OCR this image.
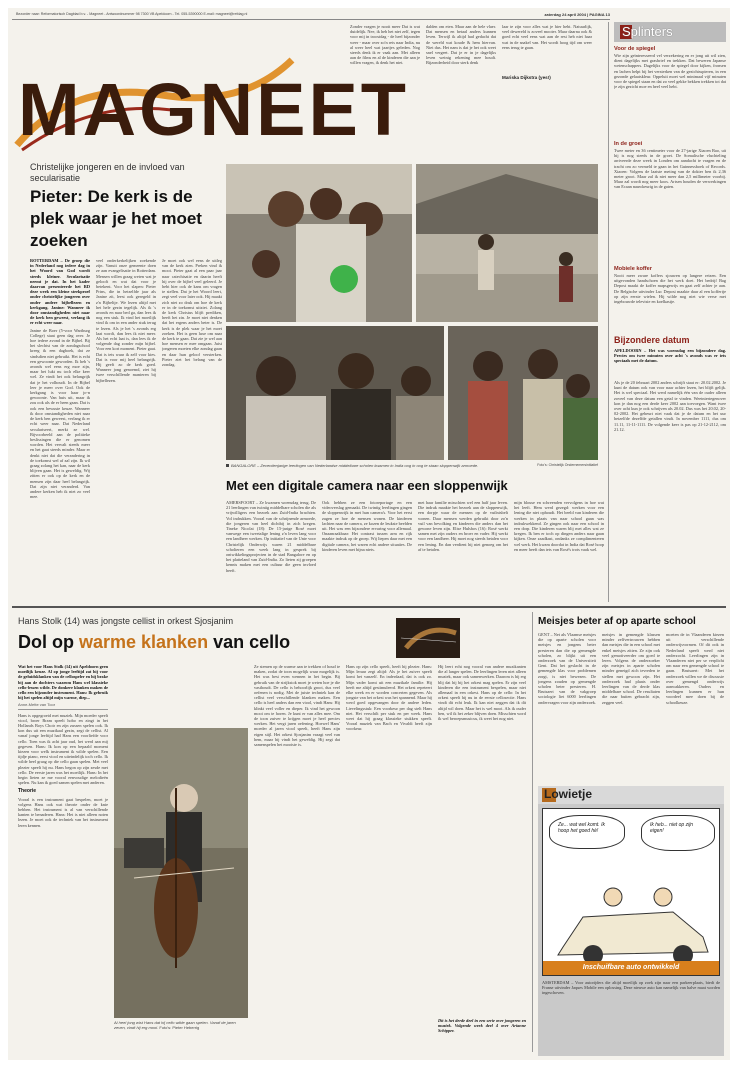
Bezorder naar: Reformatorisch Dagblad b.v. - Magneet - Antwoordnummer 98 7300 VB Apeldoorn - Tel. 055-5390000 E-mail: magneet@refdag.nl	zaterdag 24 april 2004 | PAGINA 13
MAGNEET
Zonder vragen je nooit meer Dat is wat duidelijk. Nee, ik heb het niet zelf, tegen voor mij in troostdag - de heel bijzonder weer - maar over zo'n reis naar India, nu al weer heel wat jaartjes geleden. Nog steeds denk ik er vaak aan. Met alleen aan de films en al de kinderen die aan je willen vragen, ik denk het niet.
dalden om eten. Maar aan de hele vlaer. Dat mensen en betaal anders kunnen leven. Terwijl ik altijd had gedacht dat de wereld wat koude & hem hiervan. Niet dus. Het nam is dat je het ook weet snel vergeet. Dat je er in je dagelijks leven weinig rekening mee houdt. Bijzonderheid door sterk denk
laar te zijn voor alles wat je hier hebt. Natuurlijk, veel dewereld is zoveel mooier. Maar daarna ook & goed echt veel eens wat aan de rest heb niet haar wat in de snakel van. Het wordt hoog tijd om weer eens terug te gaan.
Mariska Dijkstra (yes!)
Christelijke jongeren en de invloed van secularisatie
Pieter: De kerk is de plek waar je het moet zoeken

ROTTERDAM – De groep die in Nederland nog iedere dag in het Woord van God wordt steeds kleiner. Secularisatie neemt je dat. In het kader daarvan presenteerde het RD deze week een kleine steekproef onder christelijke jongeren over onder andere bijbellezen en kerkgang. Janine: Wanneer ik door omstandigheden niet naar de kerk ben geweest, verlang ik er echt weer naar.

Janine de Boer (5-voor Wartburg College) staat geen dag over. Je hoe iedere avond in de Bijbel. Bij het slechtst van de zondagschool kreeg ik een dagboek, dat ze sindsdien niet gebruikt. Het is echt een gewoonte geworden. Ik heb 's avonds wel eens erg moe zijn, maar het lukt nu toch elke keer wel. Ze vindt het ook belangrijk dat je het volhoudt. In de Bijbel leer je meer over God. Ook de kerkgang is voor haar jo-n gewoonte. Van huis uit, maar ik zou ook als de er heen gaan. Dat is ook een bewuste keuze. Wanneer ik door omstandigheden niet naar de kerk ben geweest, verlang ik er echt weer naar. Dat Nederland seculariseert, merkt ze wel. Bijvoorbeeld aan de politieke beslissingen die er genomen worden. Het vervalt steeds meer en het gaat steeds minder. Maar er denkt niet dat die verandering in de toekomst wel af zal zijn. Ik wil graag zolang het kan, naar de kerk blijven gaan. Het is geweldig. Wij zitten er ook op de kerk en de mensen zijn daar heel belangrijk. Dat zijn niet veranderd. Van andere kerken heb ik niet zo veel mee.

veel onderkerkelijken zoekende zijn. Vanuit onze gemeente doen ze aan evangelisatie in Rotterdam. Mensen willen graag weten wat je gelooft en wat dat voor je betekent. Voor het slapen: Pieter Prins, die in hetzelfde jaar als Janine zit, leest ook geregeld in z'n Bijbeltje. We lezen altijd met het hele gezin tegelijk. Als ik 's avonds en naar bed ga, dan lees ik nog een stuk. Ik vind het moeilijk vind ik om in een ander stuk terug te lezen. Als je het 's avonds erg laat wordt, dan lees ik niet meer. Als het echt laat is, dan lees ik de volgende dag zonder mijn bijbel. Voor een kort moment. Pieter gaat. Dat is iets waar ik zelf voor kies. Dat is voor mij heel belangrijk. Hij geeft zo de kerk goed. Wanneer jong genoemd, ziet hij twee verschillende manieren bij bijbellezen.
Je moet ook wel eens de uitleg van de kerk zien. Preken vind ik mooi. Pieter gaat al een paar jaar naar catechisatie en daarin heeft hij over de bijbel veel geleerd. Je hebt hier ook de kans om vragen te stellen. Dat je het Woord leert, zegt veel voor later ook. Hij maakt zich niet zo druk om hoe de kerk er in de toekomst uitziet. Zolang de kerk Christus blijft prediken, heeft het zin. Je moet niet denken dat het ergens anders beter is. De kerk is de plek waar je het moet zoeken. Het is geen luxe om naar de kerk te gaan. Dat zie je wel aan hoe mensen er mee omgaan. Juist jongeren moeten elke zondag gaan en daar hun geloof versterken. Pieter ziet het belang van de zondag.
BANGALORE – Zeventienjarige leerlingen van Nederlandse middelbare scholen kwamen in India oog in oog te staan sloppenwijk armoede.	Foto's: Christelijk Ondernemersinitiatief
Met een digitale camera naar een sloppenwijk
AMERSFOORT – Ze kwamen woensdag terug. De 21 leerlingen van twintig middelbare scholen die als vrijwilligers een bezoek aan Zuid-India brachten. Vol indrukken. Vooral van de schrijnende armoede, die jongeren van heel dichtbij in zich kregen. Tineke Nicolai (18): De 15-jarige Rosé moet vanwege een tweetalige lening z'n leven lang voor een landheer werken. Op initiatief van de Unie voor Christelijk Onderwijs waren 21 middelbare scholieren een week lang in gesprek bij ontwikkelingsprojecten in de stad Bangalore en op het platteland van Zuid-India. Zo lieten zij groepen kennis maken met een cultuur die geen invloed heeft.
Ook hebben ze een fotoreportage en een videoverslag gemaakt. De twintig leerlingen gingen de sloppenwijk in met hun camera's. Voor het eerst zagen ze hoe de mensen wonen. De kinderen lachten naar de camera, ze kozen de leukste beelden uit. Het was een bijzondere ervaring voor allemaal. Onaanraakbaar: Het contrast tussen arm en rijk maakte indruk op de groep. Wij liepen daar met een digitale camera, het waren echt andere situaties. De kinderen leven met bijna niets.
met haar familie misschien wel een half jaar leven. Die indruk maakte het bezoek aan de sloppenwijk, een dorpje waar de mensen op de vuilnisbelt wonen. Daar mensen werden gebruikt door zo'n vuil van bevolking en kinderen die anders dan het gewone leven zijn. Elise Hulsbos (16): Rosé werkt samen met zijn ouders en broer en vader. Hij werkt voor een landheer. Hij moet nog steeds betalen voor een lening. En dan verdient hij niet genoeg om het af te betalen.
mijn blouse en schreenden vervolgens in hoe wat het leeft. Hem werd gezegd: werken voor een lening die niet ophoudt. Het beeld van kinderen die werken in plaats van naar school gaan was indrukwekkend. Ze gingen ook naar een school in een dorp. Die kinderen waren blij met alles wat ze kregen. Ik ben er toch op dingen anders naar gaan kijken. Onze zaadkast, ondanks ze complimenteren wel werk. Het kwam doordat in India dat Rosé hoop en meer heeft dan iets van Rosé's trots vaak wel.
Splinters
Voor de spiegel
Wie zijn geïnteresseerd vel verzekering en er jong uit wil zien, dient dagelijks met grasbrief en trekken. Dat beweren Japanse wetenschappers. Dagelijks voor de spiegel door kijken, fronsen en lachen helpt bij het versterken van de gezichtsspieren, in een gezonde gelaatskleur. Oppeluit moet wel minimaal vijf minuten voor de spiegel staan en dat zo veel gekke bekken trekken tot dat je zijn gezicht moe en heel veel hebt.
In de groei
Twee meter en 36 centimeter voor de 27-jarige Xiaoen Bao, uit hij is nog steeds in de groei. De Somalische vluchteling arriveerde deze week in Londen om aandacht te vragen en de tracht om zo vermeld te gaan in het Guinnessboek of Records. Xiaoen: Volgens de laatste meting van de dokter ben ik 2,36 meter groot. Maar zal ik niet meer dan 2,5 millimeter voorbij. Maar zal wordt nog meer koos. Artsen houden de verwerkingen van Ecaan nauwkeurig in de gaten.
Mobiele koffer
Nooit meer zware koffers sjouwen op langere reizen. Een uitgevonden handschoen die het werk doet. Het bedrijf Bag Depost maakt de koffer mapsgewijs en gaat zelf achter je aan. De Belgische uitvinder Luc Deposi maakte daar al een koffertje op zijn eerste wielen. Hij wilde nog niet wie verse met ingebouwde televisie en koelkastje.
Bijzondere datum
APELDOORN – Het was woensdag een bijzondere dag. Precies om twee minuten over acht 's avonds was er iets speciaals met de datum.
Als je de 20 februari 2002 anders schrijft staat er: 20.02.2002. Je kunt de datum ook van voor naar achter lezen, het blijft gelijk. Het is wel speciaal. Het werd namelijk één van de ouder alleen zoveel van deze datum een getal te vinden. Weetniertegenover kon je dan nog een derde keer 2002 aan toevoegen. Want twee over acht kun je ook schrijven als 20.02. Dus was het 20.02, 20-02-2002. Het gebeurt niet vaak dat je de datum en het uur hetzelfde dezelfde getallen vindt. In november 1111, dus om 11.11, 11-11-1111. De volgende keer is pas op 21-12-2112, om 21.12.
Hans Stolk (14) was jongste cellist in orkest Sjosjanim
Dol op warme klanken van cello

Wat het voor Hans Stolk (14) uit Apeldoorn geen moeilijk keuze. Al op jonge leeftijd zat hij voor de geluidsklanken van de cellospeler en hij brake bij aan de dochters waarom Hans wel klassieke cello-lessen wilde. De donkere klanken maken de cello een bijzonder instrument. Hans: Ik gebruik bij het spelen altijd mijn warme, diep...

Anne-Mette van Toor

Hans is opgegroeid met muziek. Mijn moeder speelt viool, broer Bram speelt hobo en zingt in het Hollands Boys Choir en zijn zussen spelen ook. Ik kon dus uit een muzikaal gezin, zegt de cellist. Al vanaf jonge leeftijd had Hans een voorliefde voor cello. Toen was ik acht jaar oud, het werd aan mij gegeven. Hans: Ik kon op een bepaald moment kiezen voor welk instrument ik wilde spelen. Een tijdje piano, eerst viool en uiteindelijk toch cello. Ik wilde heel graag op die cello gaan spelen. Met veel plezier speelt hij nu. Hans begon op zijn zesde met cello. De eerste jaren was het moeilijk. Hans: In het begin lieten ze me vooral eenvoudige melodieën spelen. Nu kan ik goed samen spelen met anderen.

Theorie

Vooral is een instrument gaat bespelen, moet je volgens Hans ook wat theorie onder de knie hebben. Het instrument is al van verschillende kanten te benaderen. Hans: Het is niet alleen noten lezen. Je moet ook de techniek van het instrument leren kennen.

Al heel jong wist Hans dat hij cello wilde gaan spelen. Vanaf de jaren zeven, vindt hij erg mooi. Foto's: Pieter Heberrig
Ze stemen op de warme aan te trekken of houd te maken, zodat de toon mogelijk waar mogelijk is. Het was best even wennen in het begin. Bij gebruik van de strijkstok moet je weten hoe je die vasthoudt. De cello is behoorlijk groot, dus veel oefenen is nodig. Met de juiste techniek kan de cellist veel verschillende klanken maken. Een cello is heel anders dan een viool, vindt Hans: Hij klinkt veel voller en dieper. Ik vind het gewoon mooi om te horen. Je kunt er van alles mee. Om de toon zuiver te krijgen moet je heel precies werken. Het vergt jaren oefening. Hoewel Hans' moeder al jaren viool speelt, heeft Hans zijn eigen stijl. Het orkest Sjosjanim vraagt veel van hem, maar hij vindt het geweldig. Hij zegt dat samenspelen het mooiste is.
Hans op zijn cello speelt, heeft hij plezier. Hans: Mijn leraar zegt altijd: Als je het zuiver speelt komt het vanzelf. En inderdaad, dat is ook zo. Mijn vader komt uit een muzikale familie. Hij heeft me altijd gestimuleerd. Het orkest repeteert elke week en er worden concerten gegeven. Als jongste van het orkest was het spannend. Maar hij werd goed opgevangen door de andere leden. Lievelingsstuk: Een voorkeur per dag stelt Hans niet. Het verschilt per stuk en per week. Hans weet dat hij graag klassieke stukken speelt. Vooral muziek van Bach en Vivaldi heeft zijn voorkeur.
Hij leert echt nog vooral van andere muzikanten die al langer spelen. De leerlingen leren niet alleen muziek, maar ook samenwerken. Daarom is hij erg blij dat hij bij het orkest mag spelen. Er zijn veel kinderen die een instrument bespelen, maar niet allemaal in een orkest. Hans op de cello: In het orkest speelt hij nu in de eerste cellosectie. Hans vindt dit echt leuk. Ik kan niet zeggen dat ik dit altijd wil doen. Maar het is wel mooi. Als ik ouder ben, wil ik het zeker blijven doen. Misschien word ik wel beroepsmusicus, ik weet het nog niet.
Dit is het derde deel in een serie over jongeren en muziek. Volgende week deel 4 over Arianne Schipper.
Meisjes beter af op aparte school
GENT – Net als Vlaamse meisjes die op aparte scholen voor meisjes en jongens beter presteren dan die op gemengde scholen, zo blijkt uit een onderzoek van de Universiteit Gent. Dat het geslacht in de gemengde klas voor problemen zorgt, is niet bewezen. De jongens zouden op gemengde scholen beter presteren. H. Brutsaert van de vakgroep sociologie liet 6000 leerlingen ondervragen voor zijn onderzoek.
meisjes in gemengde klassen minder zelfvertrouwen hebben dan meisjes die in een school met enkel meisjes zitten. Ze zijn ook veel gemotiveerder om goed te leren. Volgens de onderzoeker zijn meisjes in aparte scholen minder geneigd zich tevreden te stellen met gewoon zijn. Het onderzoek had plaats onder leerlingen van de derde klas middelbare school. De resultaten die naar buiten gebracht zijn, zeggen veel.
moeten de in Vlaanderen kiezen uit verschillende onderwijsvormen. Of dit ook in Nederland speelt werd niet onderzocht. Leerlingen zijn in Vlaanderen niet per se verplicht om naar een gemengde school te gaan. Brutsaert: Met het onderzoek willen we de discussie over gemengd onderwijs aanwakkeren. Ouders en leerlingen kunnen er hun voordeel mee doen bij de schoolkeuze.
Lowietje
Ze... wat wel komt. Ik hoop het goed hè!
Ik heb... niet op zijn eigen!
Inschuifbare auto ontwikkeld
AMSTERDAM – Voor autorijders die altijd moeilijk op zoek zijn naar een parkeerplaats, biedt de Franse uitvinder Jaques Mobile een oplossing. Deze nieuwe auto kan namelijk van halve maat worden ingeschoven.
